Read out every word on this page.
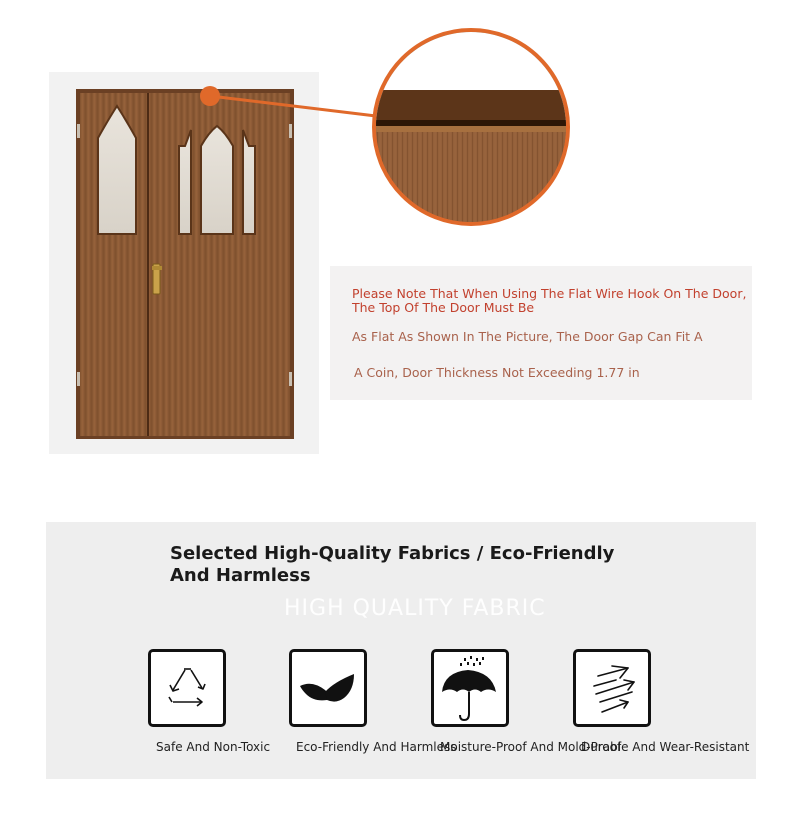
Please Note That When Using The Flat Wire Hook On The Door, The Top Of The Door Must Be

As Flat As Shown In The Picture, The Door Gap Can Fit A

A Coin, Door Thickness Not Exceeding 1.77 in

Selected High-Quality Fabrics / Eco-Friendly And Harmless

HIGH QUALITY FABRIC

Safe And Non-Toxic Eco-Friendly And Harmless

Moisture-Proof And Mold-Proof

Durable And Wear-Resistant
